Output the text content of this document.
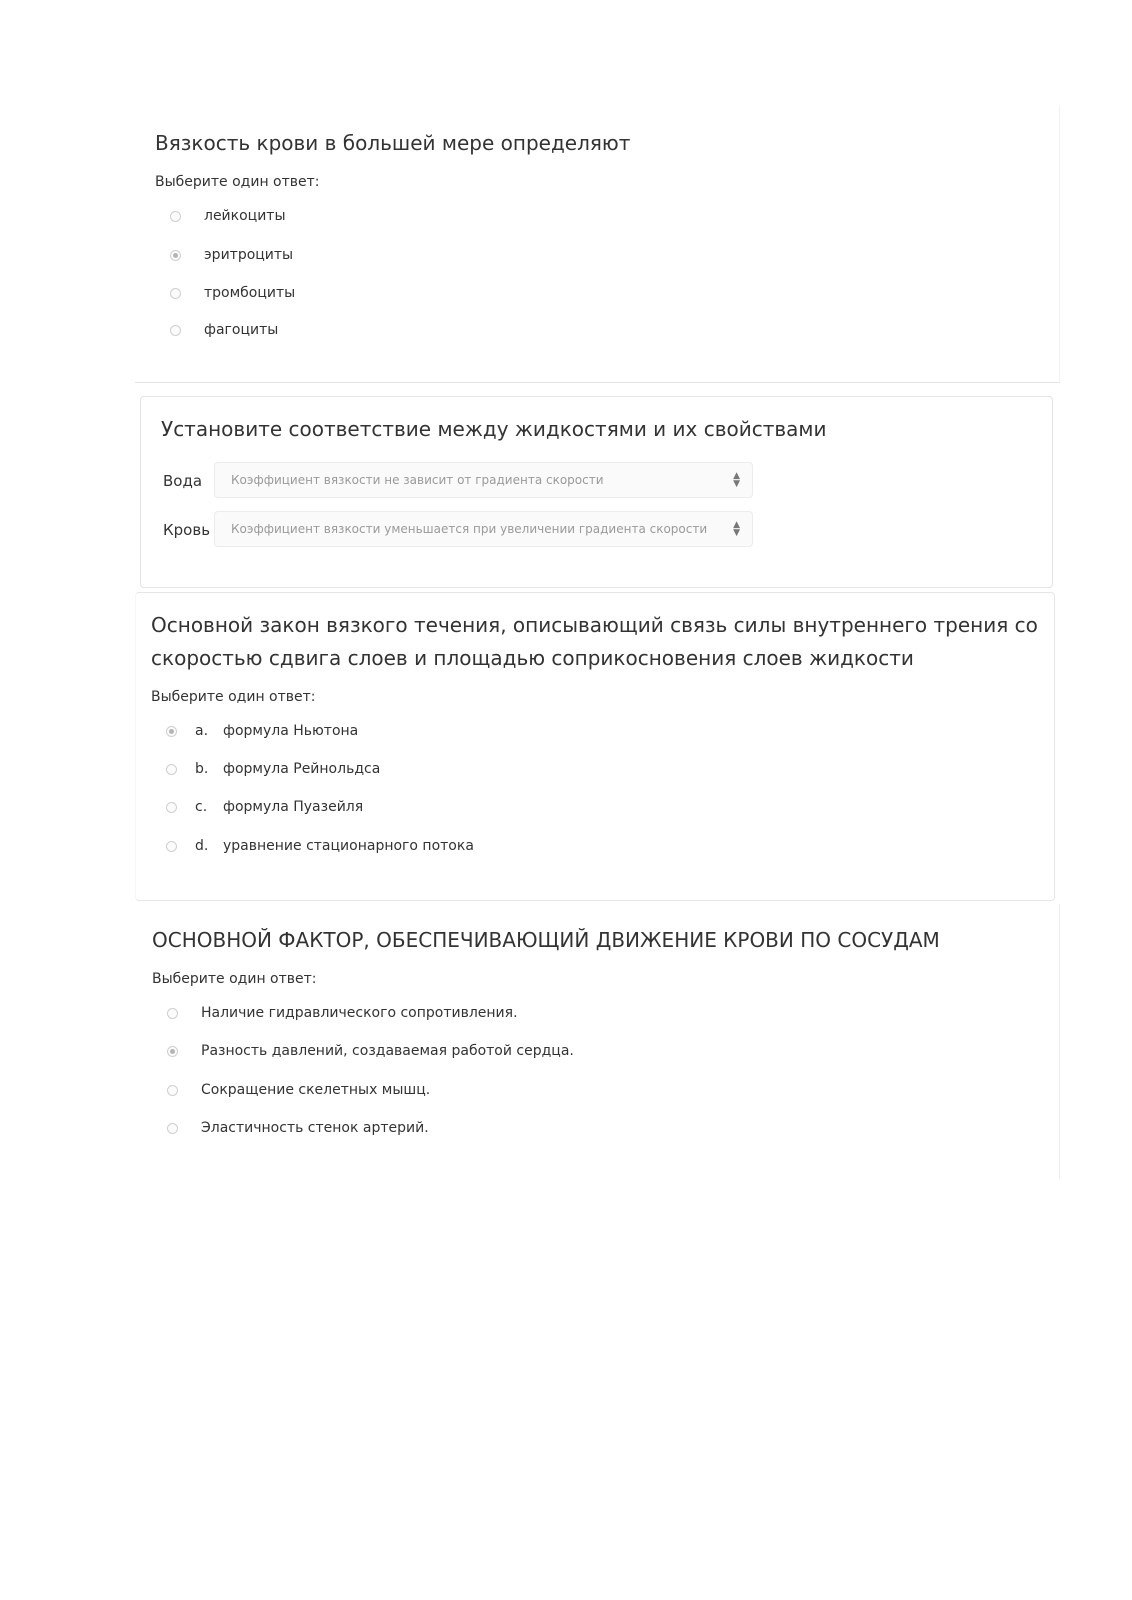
Вязкость крови в большей мере определяют
Выберите один ответ:
лейкоциты
эритроциты
тромбоциты
фагоциты
Установите соответствие между жидкостями и их свойствами
Вода Коэффициент вязкости не зависит от градиента скорости	▲
▼
Кровь Коэффициент вязкости уменьшается при увеличении градиента скорости	▲
▼
Основной закон вязкого течения, описывающий связь силы внутреннего трения со
скоростью сдвига слоев и площадью соприкосновения слоев жидкости
Выберите один ответ:
a.	формула Ньютона
b.	формула Рейнольдса
c.	формула Пуазейля
d.	уравнение стационарного потока
ОСНОВНОЙ ФАКТОР, ОБЕСПЕЧИВАЮЩИЙ ДВИЖЕНИЕ КРОВИ ПО СОСУДАМ
Выберите один ответ:
Наличие гидравлического сопротивления.
Разность давлений, создаваемая работой сердца.
Сокращение скелетных мышц.
Эластичность стенок артерий.
